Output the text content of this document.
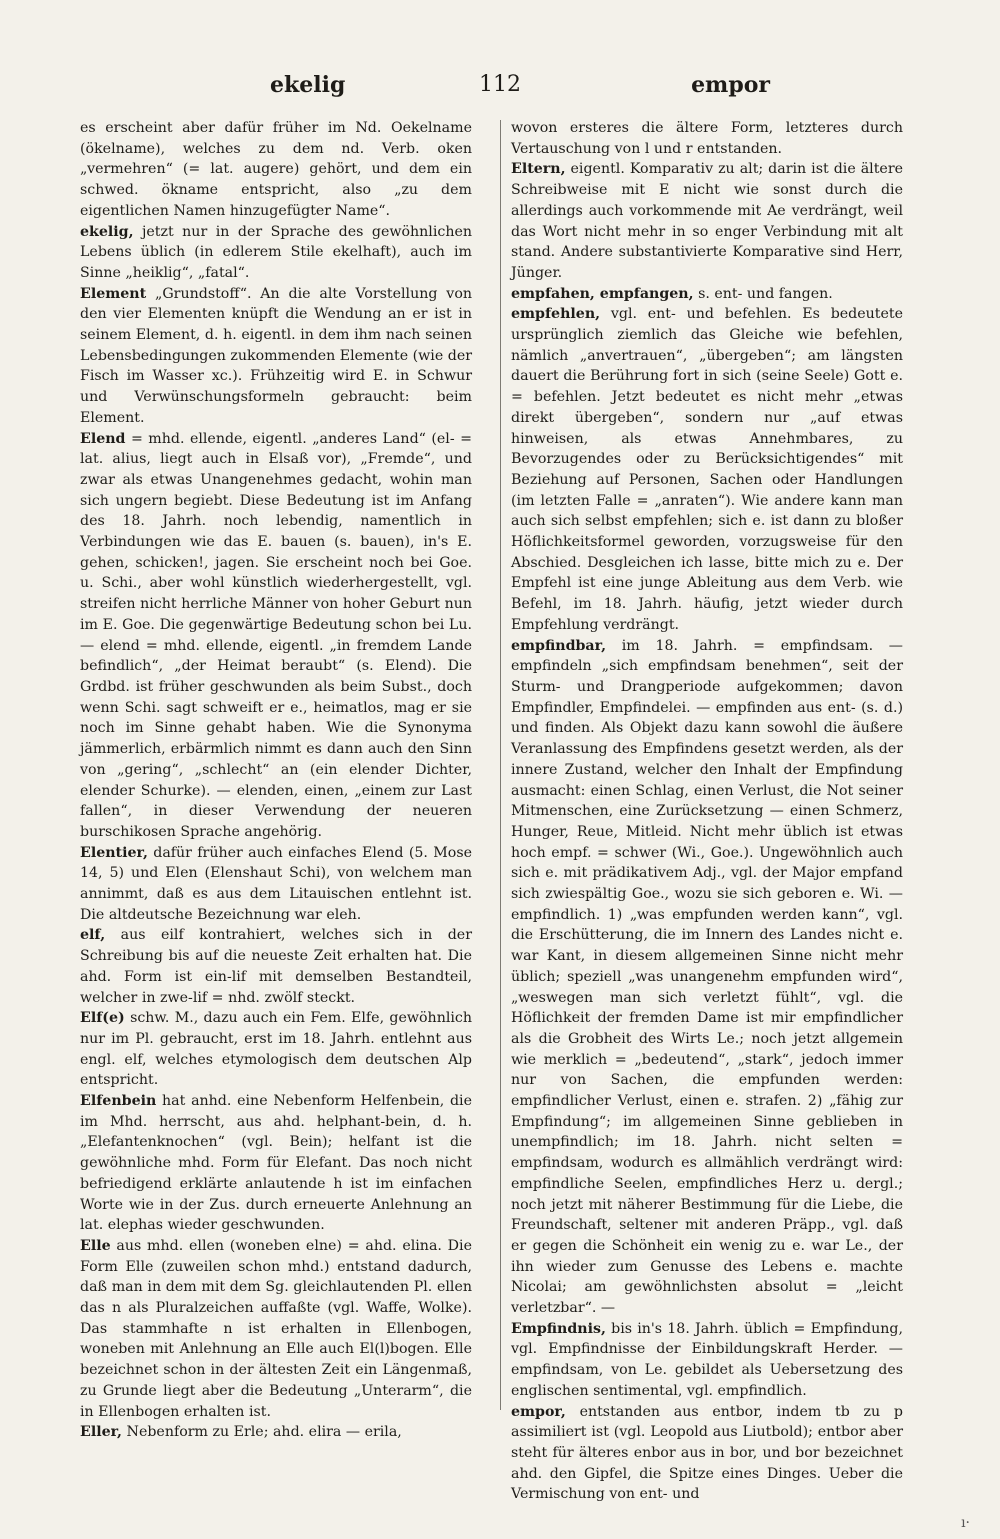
ekelig	112	empor

es erscheint aber dafür früher im Nd. Oekelname (ökelname), welches zu dem nd. Verb. oken „vermehren“ (= lat. augere) gehört, und dem ein schwed. ökname entspricht, also „zu dem eigentlichen Namen hinzugefügter Name“.

ekelig, jetzt nur in der Sprache des gewöhnlichen Lebens üblich (in edlerem Stile ekelhaft), auch im Sinne „heiklig“, „fatal“.

Element „Grundstoff“. An die alte Vorstellung von den vier Elementen knüpft die Wendung an er ist in seinem Element, d. h. eigentl. in dem ihm nach seinen Lebensbedingungen zukommenden Elemente (wie der Fisch im Wasser xc.). Frühzeitig wird E. in Schwur und Verwünschungsformeln gebraucht: beim Element.

Elend = mhd. ellende, eigentl. „anderes Land“ (el- = lat. alius, liegt auch in Elsaß vor), „Fremde“, und zwar als etwas Unangenehmes gedacht, wohin man sich ungern begiebt. Diese Bedeutung ist im Anfang des 18. Jahrh. noch lebendig, namentlich in Verbindungen wie das E. bauen (s. bauen), in's E. gehen, schicken!, jagen. Sie erscheint noch bei Goe. u. Schi., aber wohl künstlich wiederhergestellt, vgl. streifen nicht herrliche Männer von hoher Geburt nun im E. Goe. Die gegenwärtige Bedeutung schon bei Lu. — elend = mhd. ellende, eigentl. „in fremdem Lande befindlich“, „der Heimat beraubt“ (s. Elend). Die Grdbd. ist früher geschwunden als beim Subst., doch wenn Schi. sagt schweift er e., heimatlos, mag er sie noch im Sinne gehabt haben. Wie die Synonyma jämmerlich, erbärmlich nimmt es dann auch den Sinn von „gering“, „schlecht“ an (ein elender Dichter, elender Schurke). — elenden, einen, „einem zur Last fallen“, in dieser Verwendung der neueren burschikosen Sprache angehörig.

Elentier, dafür früher auch einfaches Elend (5. Mose 14, 5) und Elen (Elenshaut Schi), von welchem man annimmt, daß es aus dem Litauischen entlehnt ist. Die altdeutsche Bezeichnung war eleh.

elf, aus eilf kontrahiert, welches sich in der Schreibung bis auf die neueste Zeit erhalten hat. Die ahd. Form ist ein-lif mit demselben Bestandteil, welcher in zwe-lif = nhd. zwölf steckt.

Elf(e) schw. M., dazu auch ein Fem. Elfe, gewöhnlich nur im Pl. gebraucht, erst im 18. Jahrh. entlehnt aus engl. elf, welches etymologisch dem deutschen Alp entspricht.

Elfenbein hat anhd. eine Nebenform Helfenbein, die im Mhd. herrscht, aus ahd. helphant-bein, d. h. „Elefantenknochen“ (vgl. Bein); helfant ist die gewöhnliche mhd. Form für Elefant. Das noch nicht befriedigend erklärte anlautende h ist im einfachen Worte wie in der Zus. durch erneuerte Anlehnung an lat. elephas wieder geschwunden.

Elle aus mhd. ellen (woneben elne) = ahd. elina. Die Form Elle (zuweilen schon mhd.) entstand dadurch, daß man in dem mit dem Sg. gleichlautenden Pl. ellen das n als Pluralzeichen auffaßte (vgl. Waffe, Wolke). Das stammhafte n ist erhalten in Ellenbogen, woneben mit Anlehnung an Elle auch El(l)bogen. Elle bezeichnet schon in der ältesten Zeit ein Längenmaß, zu Grunde liegt aber die Bedeutung „Unterarm“, die in Ellenbogen erhalten ist.

Eller, Nebenform zu Erle; ahd. elira — erila,

wovon ersteres die ältere Form, letzteres durch Vertauschung von l und r entstanden.

Eltern, eigentl. Komparativ zu alt; darin ist die ältere Schreibweise mit E nicht wie sonst durch die allerdings auch vorkommende mit Ae verdrängt, weil das Wort nicht mehr in so enger Verbindung mit alt stand. Andere substantivierte Komparative sind Herr, Jünger.

empfahen, empfangen, s. ent- und fangen.

empfehlen, vgl. ent- und befehlen. Es bedeutete ursprünglich ziemlich das Gleiche wie befehlen, nämlich „anvertrauen“, „übergeben“; am längsten dauert die Berührung fort in sich (seine Seele) Gott e. = befehlen. Jetzt bedeutet es nicht mehr „etwas direkt übergeben“, sondern nur „auf etwas hinweisen, als etwas Annehmbares, zu Bevorzugendes oder zu Berücksichtigendes“ mit Beziehung auf Personen, Sachen oder Handlungen (im letzten Falle = „anraten“). Wie andere kann man auch sich selbst empfehlen; sich e. ist dann zu bloßer Höflichkeitsformel geworden, vorzugsweise für den Abschied. Desgleichen ich lasse, bitte mich zu e. Der Empfehl ist eine junge Ableitung aus dem Verb. wie Befehl, im 18. Jahrh. häufig, jetzt wieder durch Empfehlung verdrängt.

empfindbar, im 18. Jahrh. = empfindsam. — empfindeln „sich empfindsam benehmen“, seit der Sturm- und Drangperiode aufgekommen; davon Empfindler, Empfindelei. — empfinden aus ent- (s. d.) und finden. Als Objekt dazu kann sowohl die äußere Veranlassung des Empfindens gesetzt werden, als der innere Zustand, welcher den Inhalt der Empfindung ausmacht: einen Schlag, einen Verlust, die Not seiner Mitmenschen, eine Zurücksetzung — einen Schmerz, Hunger, Reue, Mitleid. Nicht mehr üblich ist etwas hoch empf. = schwer (Wi., Goe.). Ungewöhnlich auch sich e. mit prädikativem Adj., vgl. der Major empfand sich zwiespältig Goe., wozu sie sich geboren e. Wi. — empfindlich. 1) „was empfunden werden kann“, vgl. die Erschütterung, die im Innern des Landes nicht e. war Kant, in diesem allgemeinen Sinne nicht mehr üblich; speziell „was unangenehm empfunden wird“, „weswegen man sich verletzt fühlt“, vgl. die Höflichkeit der fremden Dame ist mir empfindlicher als die Grobheit des Wirts Le.; noch jetzt allgemein wie merklich = „bedeutend“, „stark“, jedoch immer nur von Sachen, die empfunden werden: empfindlicher Verlust, einen e. strafen. 2) „fähig zur Empfindung“; im allgemeinen Sinne geblieben in unempfindlich; im 18. Jahrh. nicht selten = empfindsam, wodurch es allmählich verdrängt wird: empfindliche Seelen, empfindliches Herz u. dergl.; noch jetzt mit näherer Bestimmung für die Liebe, die Freundschaft, seltener mit anderen Präpp., vgl. daß er gegen die Schönheit ein wenig zu e. war Le., der ihn wieder zum Genusse des Lebens e. machte Nicolai; am gewöhnlichsten absolut = „leicht verletzbar“. —

Empfindnis, bis in's 18. Jahrh. üblich = Empfindung, vgl. Empfindnisse der Einbildungskraft Herder. — empfindsam, von Le. gebildet als Uebersetzung des englischen sentimental, vgl. empfindlich.

empor, entstanden aus entbor, indem tb zu p assimiliert ist (vgl. Leopold aus Liutbold); entbor aber steht für älteres enbor aus in bor, und bor bezeichnet ahd. den Gipfel, die Spitze eines Dinges. Ueber die Vermischung von ent- und

ı·
